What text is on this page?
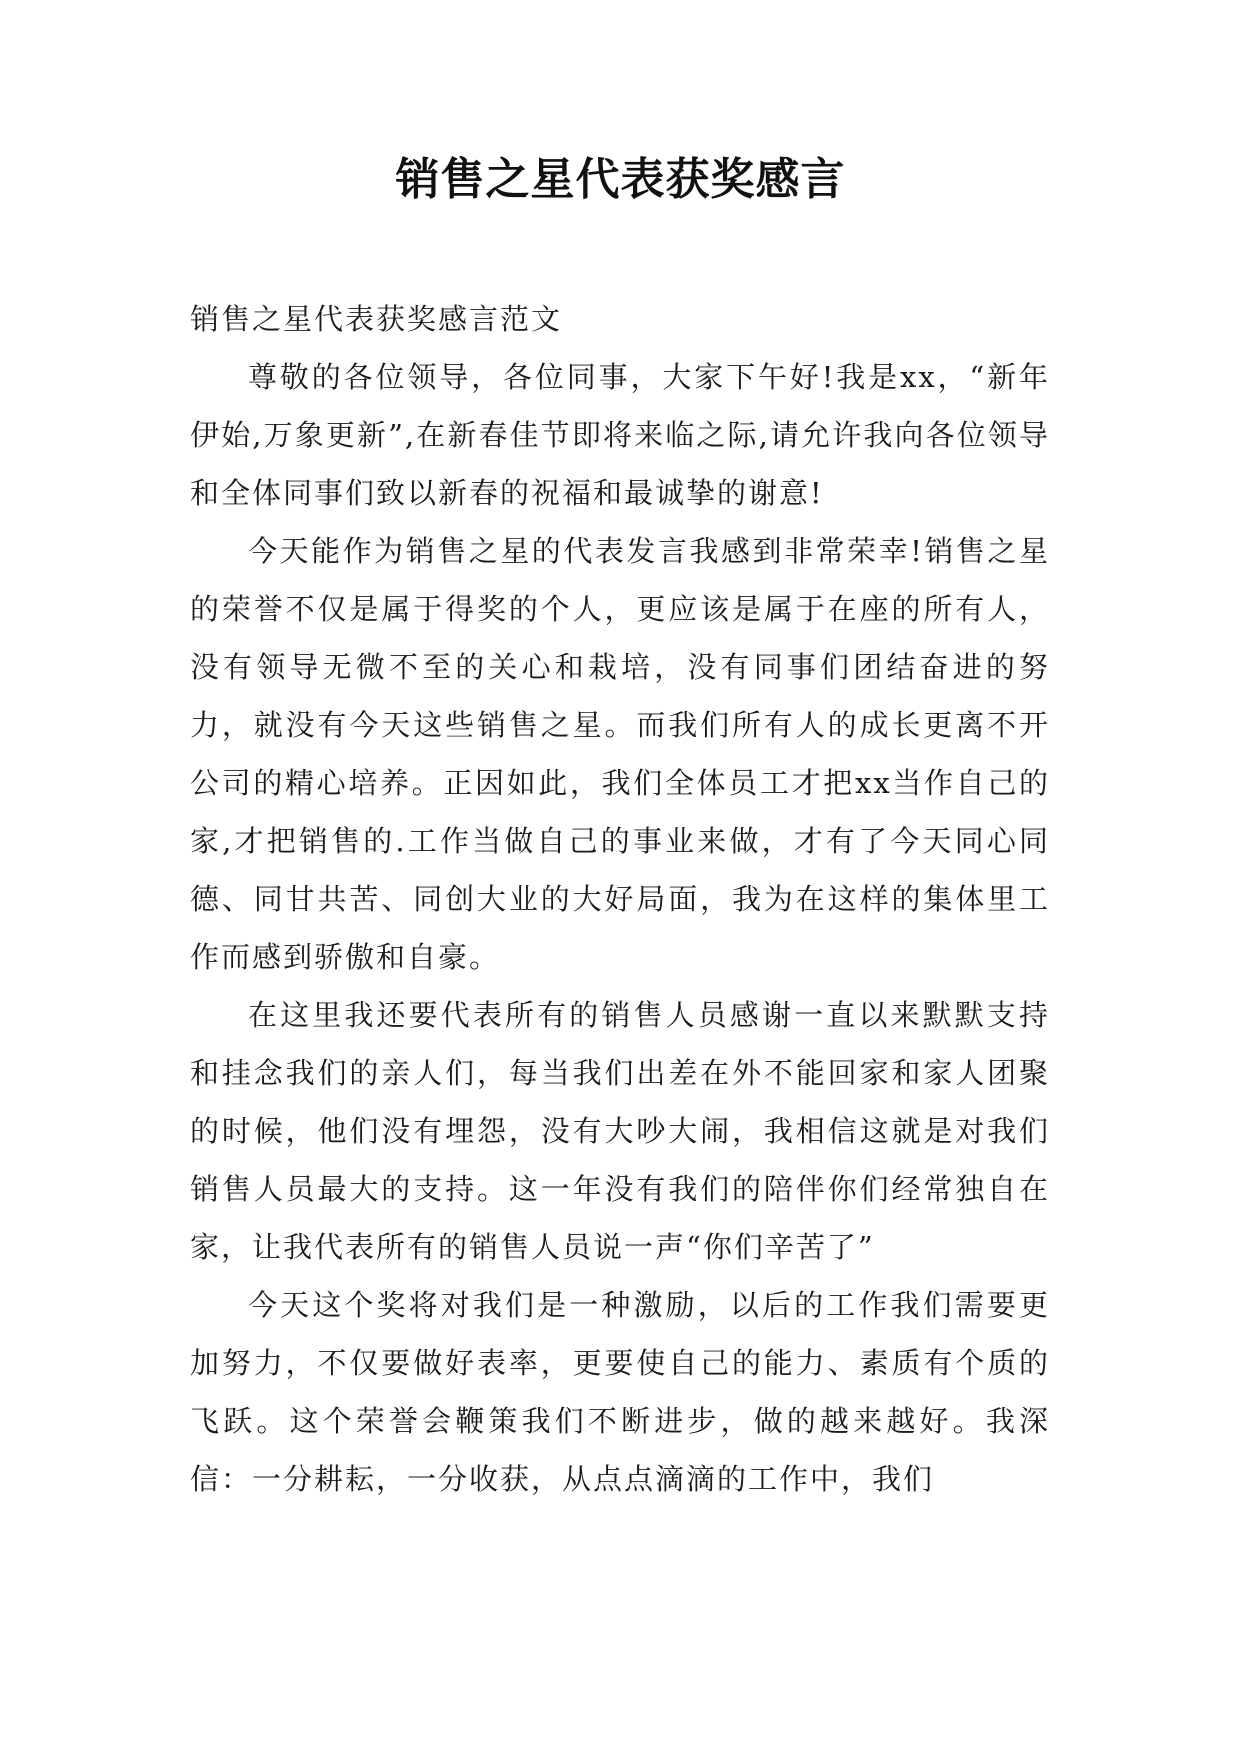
销售之星代表获奖感言

销售之星代表获奖感言范文

尊敬的各位领导，各位同事，大家下午好!我是xx，“新年伊始,万象更新”,在新春佳节即将来临之际,请允许我向各位领导和全体同事们致以新春的祝福和最诚挚的谢意!

今天能作为销售之星的代表发言我感到非常荣幸!销售之星的荣誉不仅是属于得奖的个人，更应该是属于在座的所有人，没有领导无微不至的关心和栽培，没有同事们团结奋进的努力，就没有今天这些销售之星。而我们所有人的成长更离不开公司的精心培养。正因如此，我们全体员工才把xx当作自己的家,才把销售的.工作当做自己的事业来做，才有了今天同心同德、同甘共苦、同创大业的大好局面，我为在这样的集体里工作而感到骄傲和自豪。

在这里我还要代表所有的销售人员感谢一直以来默默支持和挂念我们的亲人们，每当我们出差在外不能回家和家人团聚的时候，他们没有埋怨，没有大吵大闹，我相信这就是对我们销售人员最大的支持。这一年没有我们的陪伴你们经常独自在家，让我代表所有的销售人员说一声“你们辛苦了”

今天这个奖将对我们是一种激励，以后的工作我们需要更加努力，不仅要做好表率，更要使自己的能力、素质有个质的飞跃。这个荣誉会鞭策我们不断进步，做的越来越好。我深信：一分耕耘，一分收获，从点点滴滴的工作中，我们
